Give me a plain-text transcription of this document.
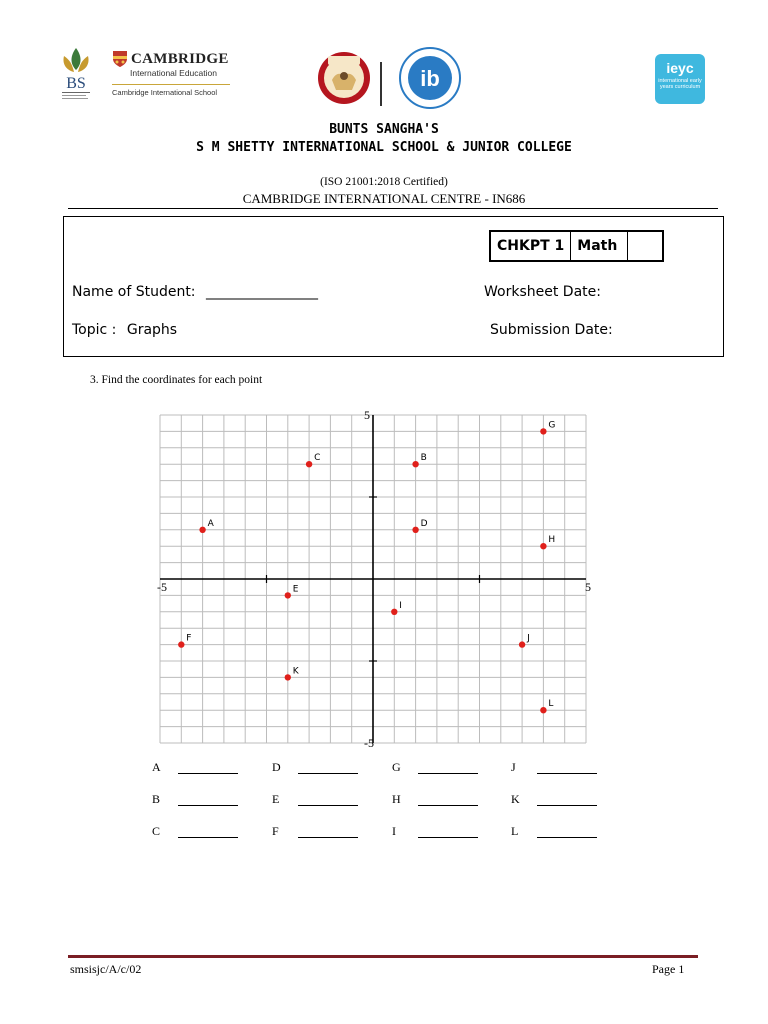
BS
CAMBRIDGE
International Education
Cambridge International School
ib	ieyc
international early years curriculum
BUNTS SANGHA'S
S M SHETTY INTERNATIONAL SCHOOL & JUNIOR COLLEGE
(ISO 21001:2018 Certified)
CAMBRIDGE INTERNATIONAL CENTRE - IN686
CHKPT 1 Math
Name of Student: ________________	Worksheet Date:
Topic : Graphs	Submission Date:
3. Find the coordinates for each point
-5	5
5
-5
A
B
C
D
E
F
G
H
I
J
K
L
A	D	G	J
B	E	H	K
C	F	I	L
smsisjc/A/c/02	Page 1
